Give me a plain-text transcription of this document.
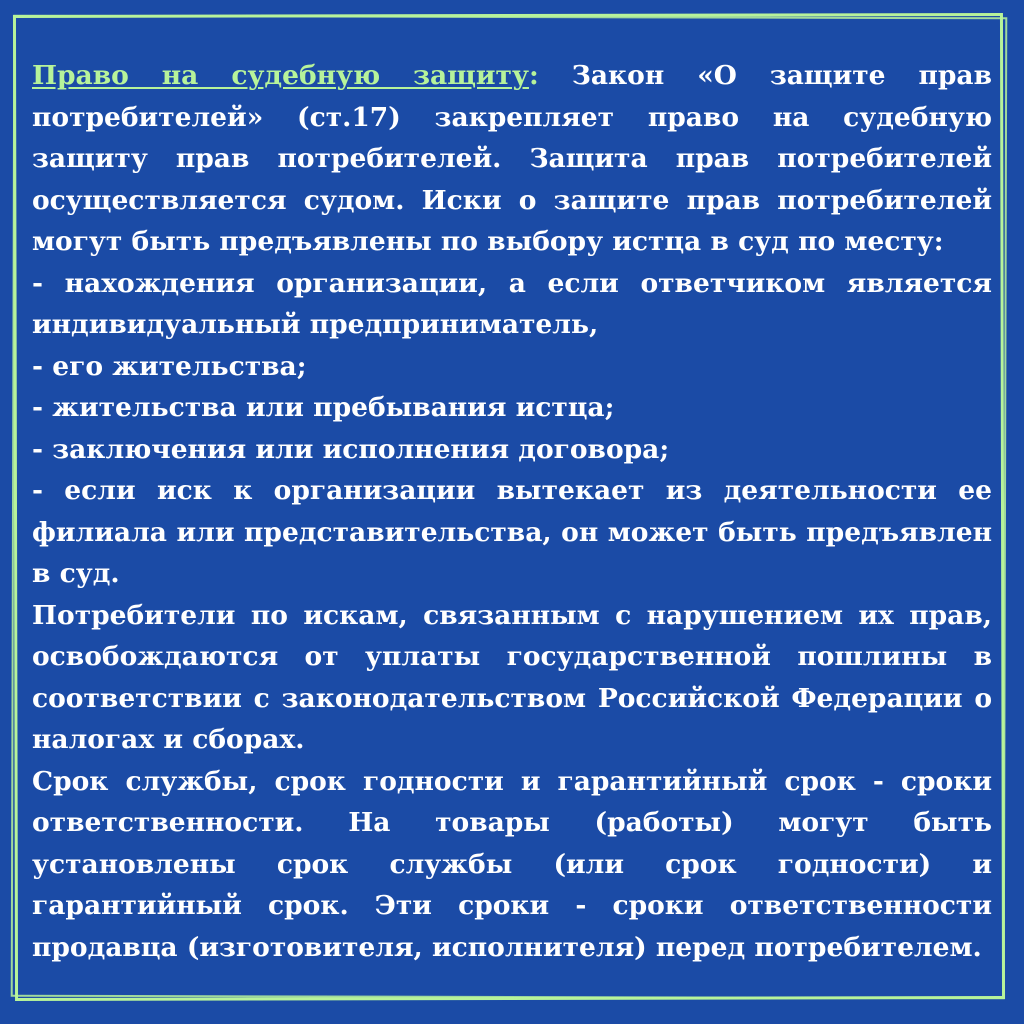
Право на судебную защиту: Закон «О защите прав потребителей» (ст.17) закрепляет право на судебную защиту прав потребителей. Защита прав потребителей осуществляется судом. Иски о защите прав потребителей могут быть предъявлены по выбору истца в суд по месту:

- нахождения организации, а если ответчиком является индивидуальный предприниматель,

- его жительства;

- жительства или пребывания истца;

- заключения или исполнения договора;

- если иск к организации вытекает из деятельности ее филиала или представительства, он может быть предъявлен в суд.

Потребители по искам, связанным с нарушением их прав, освобождаются от уплаты государственной пошлины в соответствии с законодательством Российской Федерации о налогах и сборах.

Срок службы, срок годности и гарантийный срок - сроки ответственности. На товары (работы) могут быть установлены срок службы (или срок годности) и гарантийный срок. Эти сроки - сроки ответственности продавца (изготовителя, исполнителя) перед потребителем.
